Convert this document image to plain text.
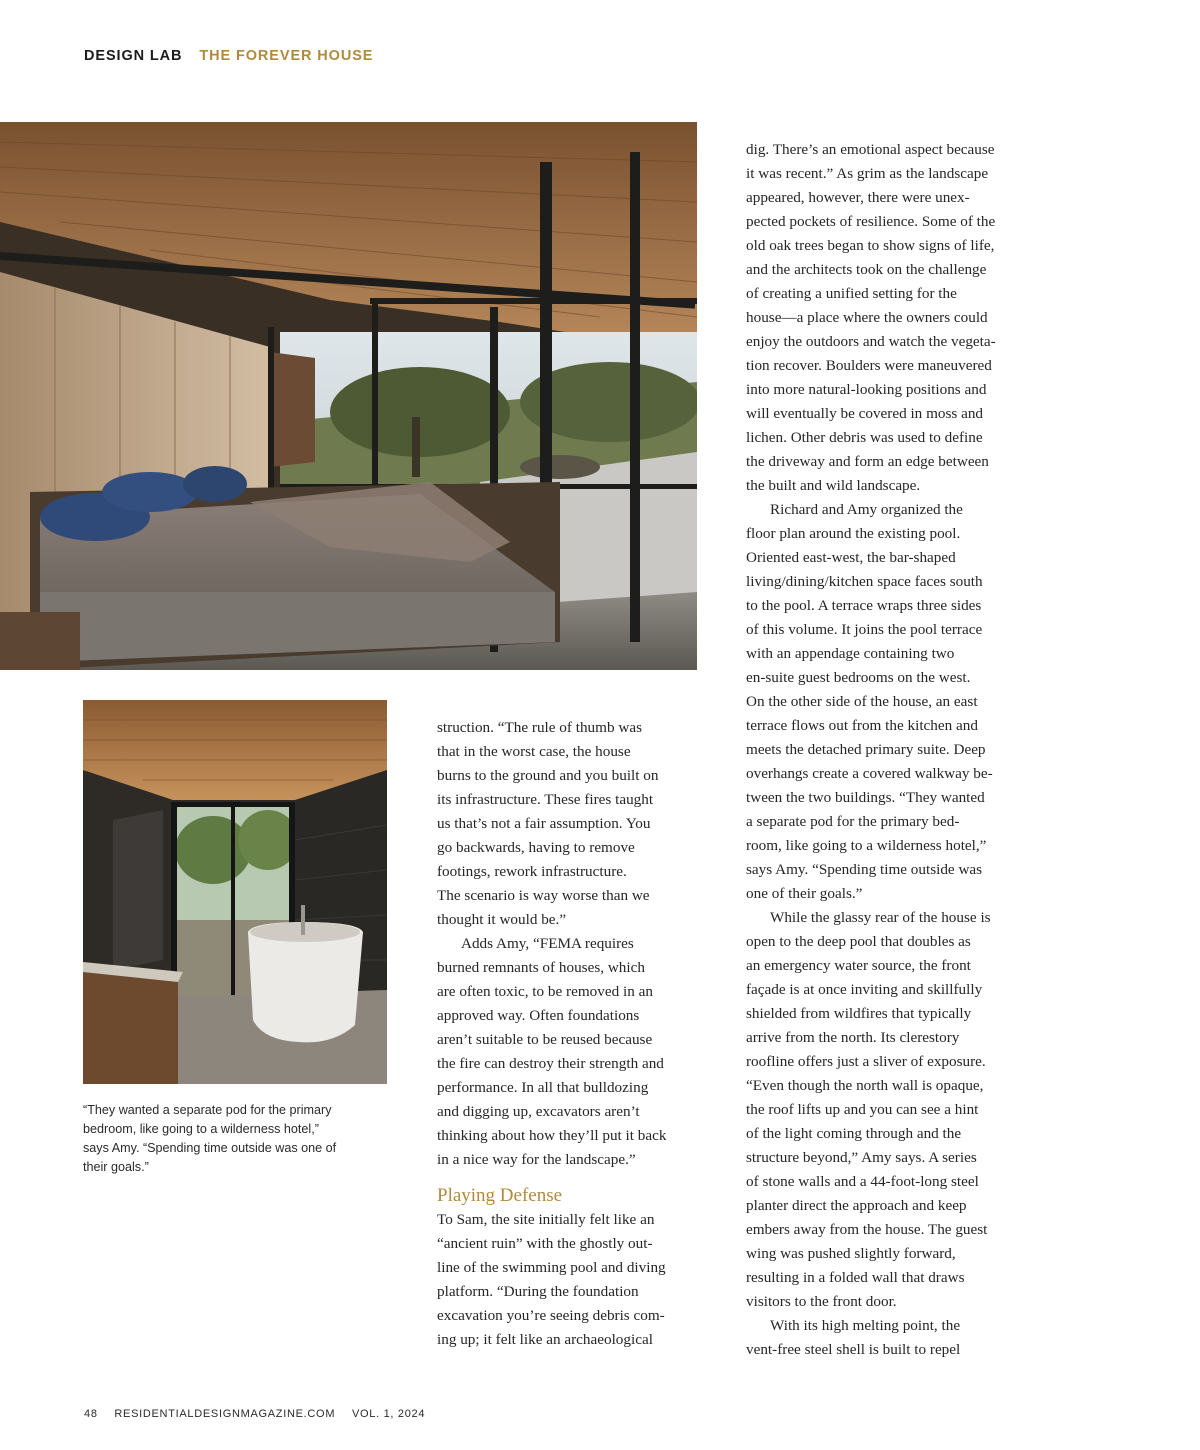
DESIGN LAB THE FOREVER HOUSE
“They wanted a separate pod for the primary
bedroom, like going to a wilderness hotel,”
says Amy. “Spending time outside was one of
their goals.”
struction. “The rule of thumb was
that in the worst case, the house
burns to the ground and you built on
its infrastructure. These fires taught
us that’s not a fair assumption. You
go backwards, having to remove
footings, rework infrastructure.
The scenario is way worse than we
thought it would be.”
Adds Amy, “FEMA requires
burned remnants of houses, which
are often toxic, to be removed in an
approved way. Often foundations
aren’t suitable to be reused because
the fire can destroy their strength and
performance. In all that bulldozing
and digging up, excavators aren’t
thinking about how they’ll put it back
in a nice way for the landscape.”
Playing Defense
To Sam, the site initially felt like an
“ancient ruin” with the ghostly out-
line of the swimming pool and diving
platform. “During the foundation
excavation you’re seeing debris com-
ing up; it felt like an archaeological
dig. There’s an emotional aspect because
it was recent.” As grim as the landscape
appeared, however, there were unex-
pected pockets of resilience. Some of the
old oak trees began to show signs of life,
and the architects took on the challenge
of creating a unified setting for the
house—a place where the owners could
enjoy the outdoors and watch the vegeta-
tion recover. Boulders were maneuvered
into more natural-looking positions and
will eventually be covered in moss and
lichen. Other debris was used to define
the driveway and form an edge between
the built and wild landscape.
Richard and Amy organized the
floor plan around the existing pool.
Oriented east-west, the bar-shaped
living/dining/kitchen space faces south
to the pool. A terrace wraps three sides
of this volume. It joins the pool terrace
with an appendage containing two
en-suite guest bedrooms on the west.
On the other side of the house, an east
terrace flows out from the kitchen and
meets the detached primary suite. Deep
overhangs create a covered walkway be-
tween the two buildings. “They wanted
a separate pod for the primary bed-
room, like going to a wilderness hotel,”
says Amy. “Spending time outside was
one of their goals.”
While the glassy rear of the house is
open to the deep pool that doubles as
an emergency water source, the front
façade is at once inviting and skillfully
shielded from wildfires that typically
arrive from the north. Its clerestory
roofline offers just a sliver of exposure.
“Even though the north wall is opaque,
the roof lifts up and you can see a hint
of the light coming through and the
structure beyond,” Amy says. A series
of stone walls and a 44-foot-long steel
planter direct the approach and keep
embers away from the house. The guest
wing was pushed slightly forward,
resulting in a folded wall that draws
visitors to the front door.
With its high melting point, the
vent-free steel shell is built to repel
48 RESIDENTIALDESIGNMAGAZINE.COM VOL. 1, 2024
